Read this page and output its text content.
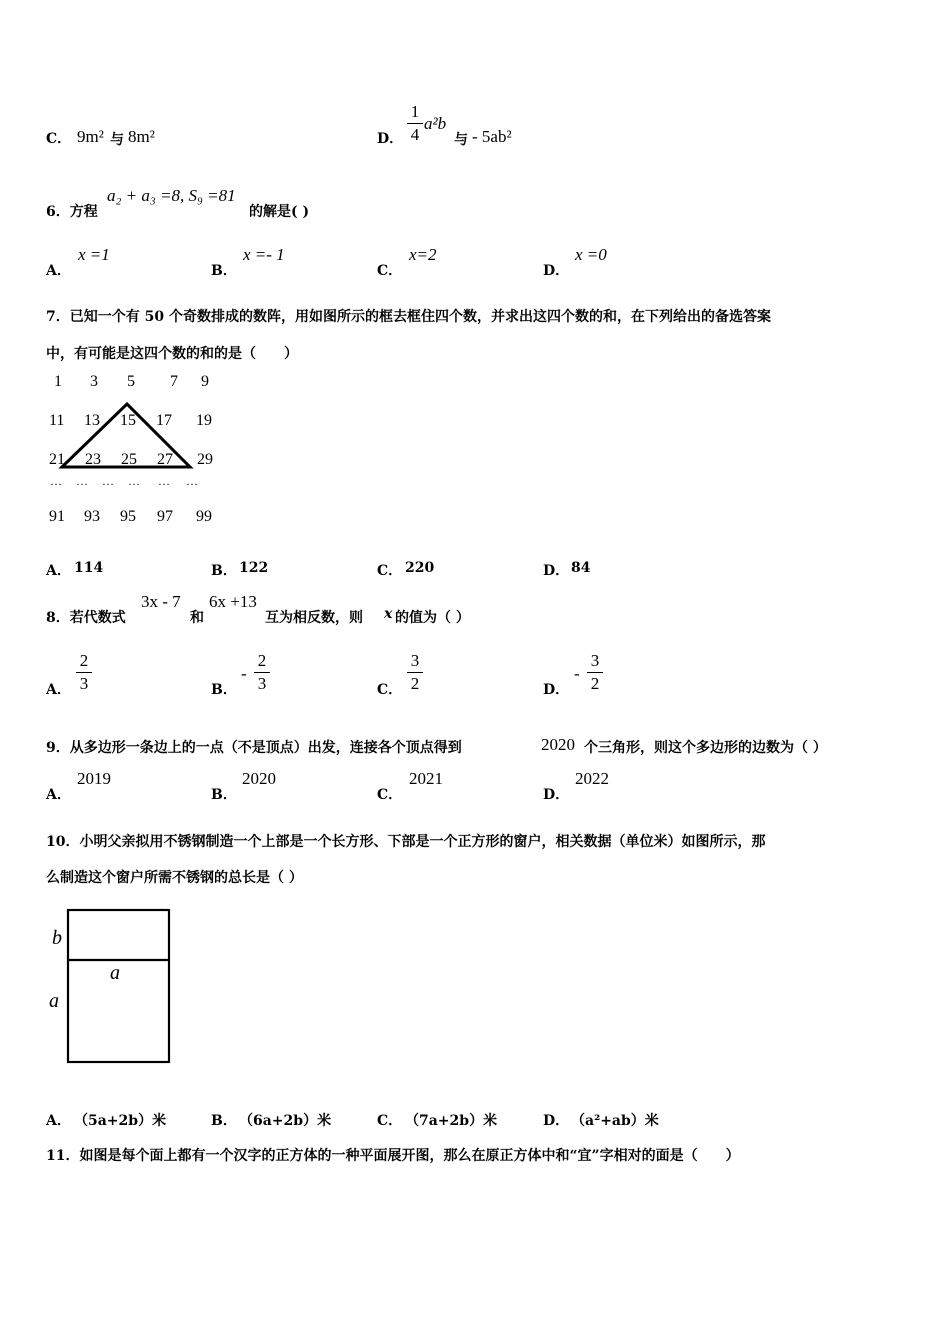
C． 9m² 与 8m²	D．
1
4
a²b
与 - 5ab²
6．方程
a₂ + a₃ =8, S₉ =81
的解是( )
A．
x =1
B．
x =- 1
C．
x=2
D．
x =0
7．已知一个有 50 个奇数排成的数阵，用如图所示的框去框住四个数，并求出这四个数的和，在下列给出的备选答案
中，有可能是这四个数的和的是（　　）
1 3 5 7 9
11 13 15 17 19
21 23 25 27 29
… … … … … …
91 93 95 97 99
A． 114	B． 122	C． 220	D． 84
8．若代数式
3x - 7
和
6x +13
互为相反数，则 x 的值为（ ）
A．
2
3	B．
-
2
3	C．
3
2	D．
-
3
2
9．从多边形一条边上的一点（不是顶点）出发，连接各个顶点得到	2020 个三角形，则这个多边形的边数为（ ）
A．
2019
B．
2020
C．
2021
D．
2022
10．小明父亲拟用不锈钢制造一个上部是一个长方形、下部是一个正方形的窗户，相关数据（单位米）如图所示，那
么制造这个窗户所需不锈钢的总长是（ ）
b
a
a
A． （5a+2b）米	B． （6a+2b）米	C． （7a+2b）米	D． （a²+ab）米
11．如图是每个面上都有一个汉字的正方体的一种平面展开图，那么在原正方体中和“宜”字相对的面是（　　）
